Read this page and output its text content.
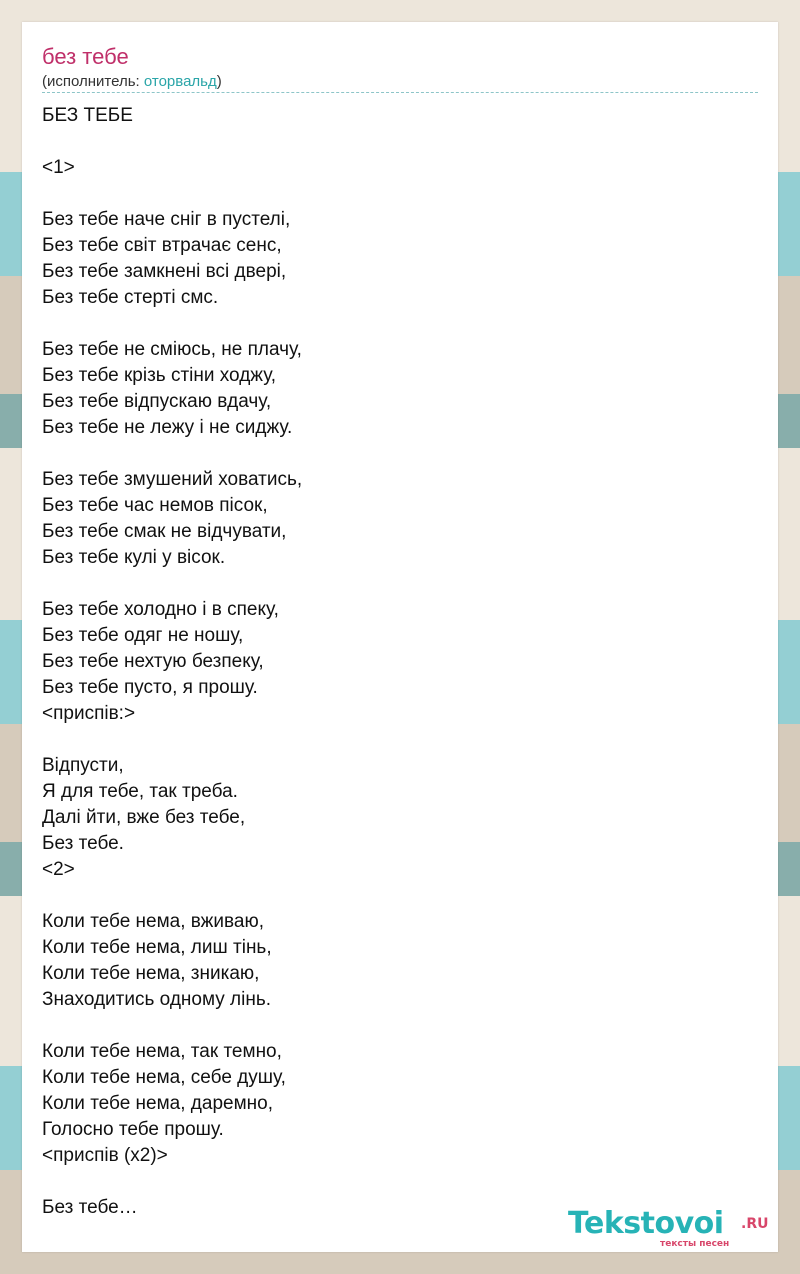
без тебе
(исполнитель: оторвальд)
БЕЗ ТЕБЕ
<1>
Без тебе наче сніг в пустелі,
Без тебе світ втрачає сенс,
Без тебе замкнені всі двері,
Без тебе стерті смс.
Без тебе не сміюсь, не плачу,
Без тебе крізь стіни ходжу,
Без тебе відпускаю вдачу,
Без тебе не лежу і не сиджу.
Без тебе змушений ховатись,
Без тебе час немов пісок,
Без тебе смак не відчувати,
Без тебе кулі у вісок.
Без тебе холодно і в спеку,
Без тебе одяг не ношу,
Без тебе нехтую безпеку,
Без тебе пусто, я прошу.
<приспів:>
Відпусти,
Я для тебе, так треба.
Далі йти, вже без тебе,
Без тебе.
<2>
Коли тебе нема, вживаю,
Коли тебе нема, лиш тінь,
Коли тебе нема, зникаю,
Знаходитись одному лінь.
Коли тебе нема, так темно,
Коли тебе нема, себе душу,
Коли тебе нема, даремно,
Голосно тебе прошу.
<приспів (x2)>
Без тебе…	Tekstovoi .RU
тексты песен
